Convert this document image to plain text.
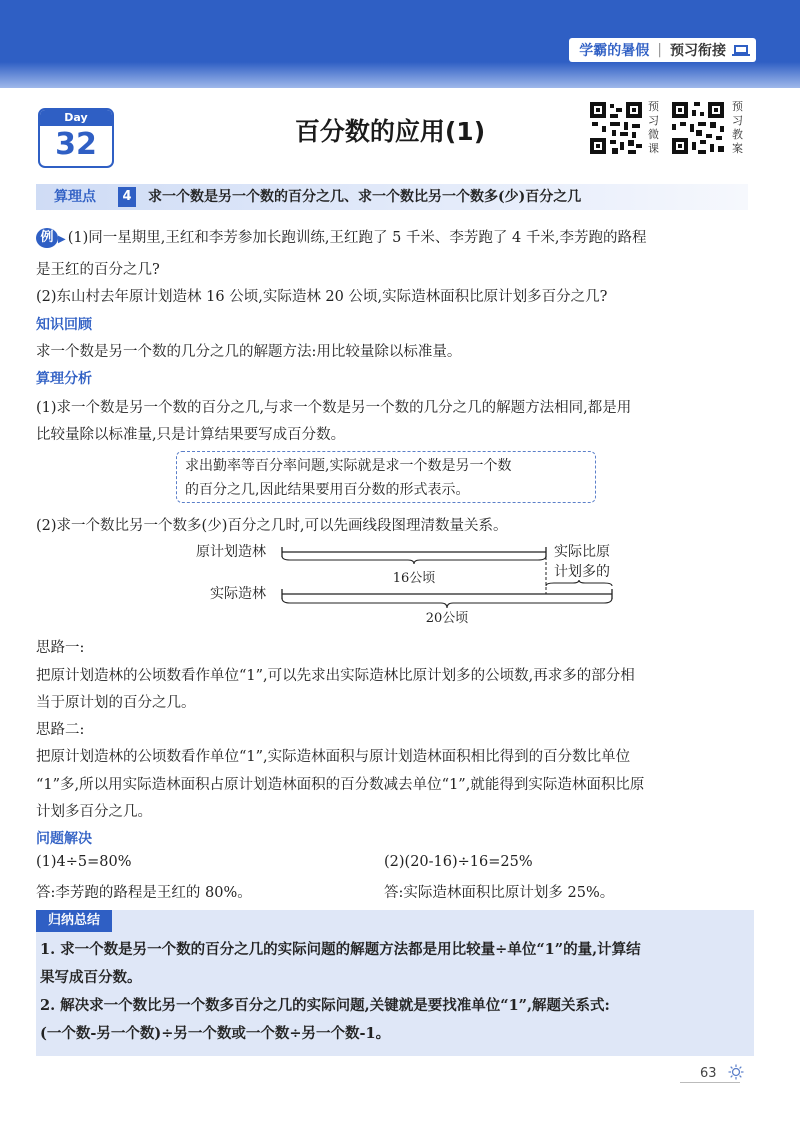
学霸的暑假 | 预习衔接
Day
32	百分数的应用(1)
预习微课
预习教案
算理点	4	求一个数是另一个数的百分之几、求一个数比另一个数多(少)百分之几
例 ▶ (1)同一星期里,王红和李芳参加长跑训练,王红跑了 5 千米、李芳跑了 4 千米,李芳跑的路程
是王红的百分之几?
(2)东山村去年原计划造林 16 公顷,实际造林 20 公顷,实际造林面积比原计划多百分之几?
知识回顾
求一个数是另一个数的几分之几的解题方法:用比较量除以标准量。
算理分析
(1)求一个数是另一个数的百分之几,与求一个数是另一个数的几分之几的解题方法相同,都是用
比较量除以标准量,只是计算结果要写成百分数。
求出勤率等百分率问题,实际就是求一个数是另一个数
的百分之几,因此结果要用百分数的形式表示。
(2)求一个数比另一个数多(少)百分之几时,可以先画线段图理清数量关系。
原计划造林
16公顷
实际造林
20公顷
实际比原
计划多的
思路一:
把原计划造林的公顷数看作单位“1”,可以先求出实际造林比原计划多的公顷数,再求多的部分相
当于原计划的百分之几。
思路二:
把原计划造林的公顷数看作单位“1”,实际造林面积与原计划造林面积相比得到的百分数比单位
“1”多,所以用实际造林面积占原计划造林面积的百分数减去单位“1”,就能得到实际造林面积比原
计划多百分之几。
问题解决
(1)4÷5=80%	(2)(20-16)÷16=25%
答:李芳跑的路程是王红的 80%。	答:实际造林面积比原计划多 25%。
归纳总结
1. 求一个数是另一个数的百分之几的实际问题的解题方法都是用比较量÷单位“1”的量,计算结
果写成百分数。
2. 解决求一个数比另一个数多百分之几的实际问题,关键就是要找准单位“1”,解题关系式:
(一个数-另一个数)÷另一个数或一个数÷另一个数-1。
63
